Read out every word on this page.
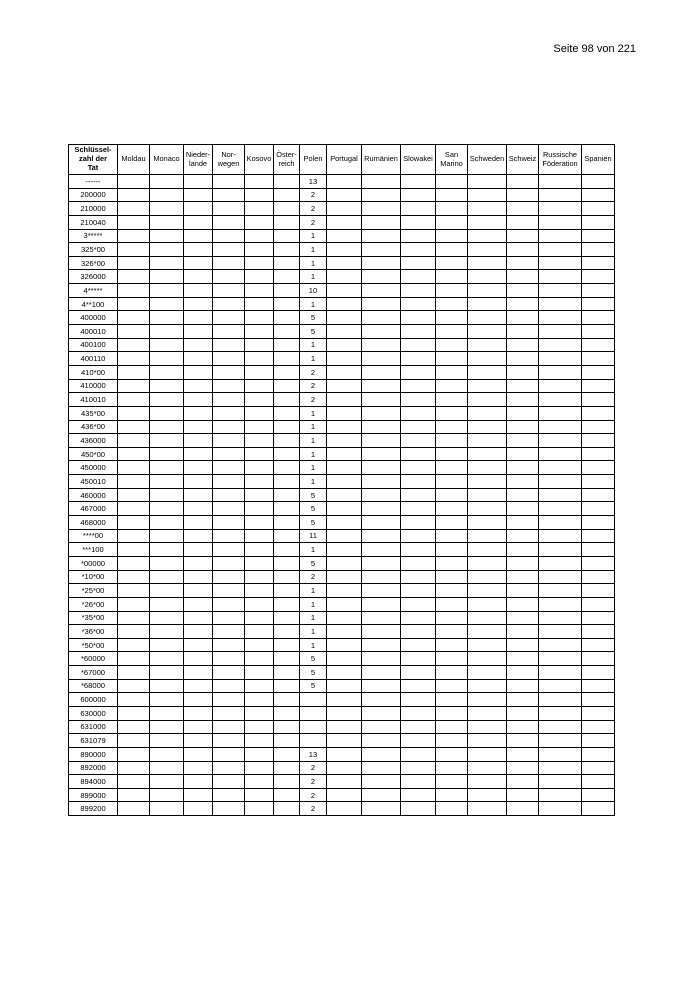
Seite 98 von 221
Schlüssel-
zahl der
Tat	Moldau	Monaco	Nieder-
lande	Nor-
wegen	Kosovo	Öster-
reich	Polen	Portugal	Rumänien	Slowakei	San
Marino	Schweden	Schweiz	Russische
Föderation	Spanien
------							13								
200000							2								
210000							2								
210040							2								
3*****							1								
325*00							1								
326*00							1								
326000							1								
4*****							10								
4**100							1								
400000							5								
400010							5								
400100							1								
400110							1								
410*00							2								
410000							2								
410010							2								
435*00							1								
436*00							1								
436000							1								
450*00							1								
450000							1								
450010							1								
460000							5								
467000							5								
468000							5								
****00							11								
***100							1								
*00000							5								
*10*00							2								
*25*00							1								
*26*00							1								
*35*00							1								
*36*00							1								
*50*00							1								
*60000							5								
*67000							5								
*68000							5								
600000															
630000															
631000															
631079															
890000							13								
892000							2								
894000							2								
899000							2								
899200							2								
